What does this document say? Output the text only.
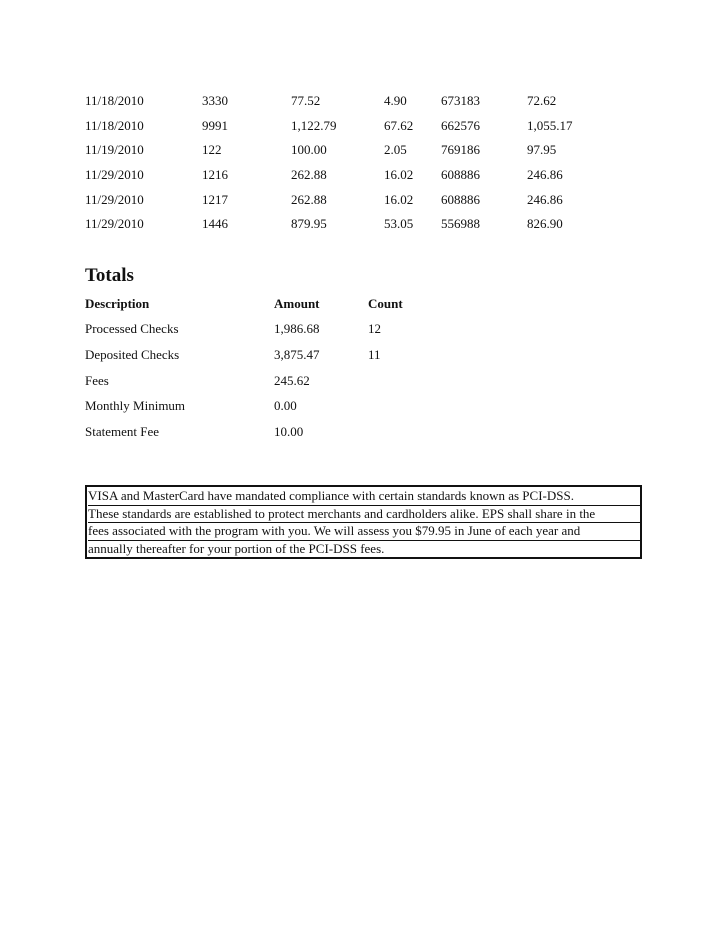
11/18/2010	3330	77.52	4.90	673183	72.62
11/18/2010	9991	1,122.79	67.62	662576	1,055.17
11/19/2010	122	100.00	2.05	769186	97.95
11/29/2010	1216	262.88	16.02	608886	246.86
11/29/2010	1217	262.88	16.02	608886	246.86
11/29/2010	1446	879.95	53.05	556988	826.90
Totals
Description	Amount	Count
Processed Checks	1,986.68	12
Deposited Checks	3,875.47	11
Fees	245.62	
Monthly Minimum	0.00	
Statement Fee	10.00	
VISA and MasterCard have mandated compliance with certain standards known as PCI-DSS.
These standards are established to protect merchants and cardholders alike. EPS shall share in the
fees associated with the program with you. We will assess you $79.95 in June of each year and
annually thereafter for your portion of the PCI-DSS fees.
